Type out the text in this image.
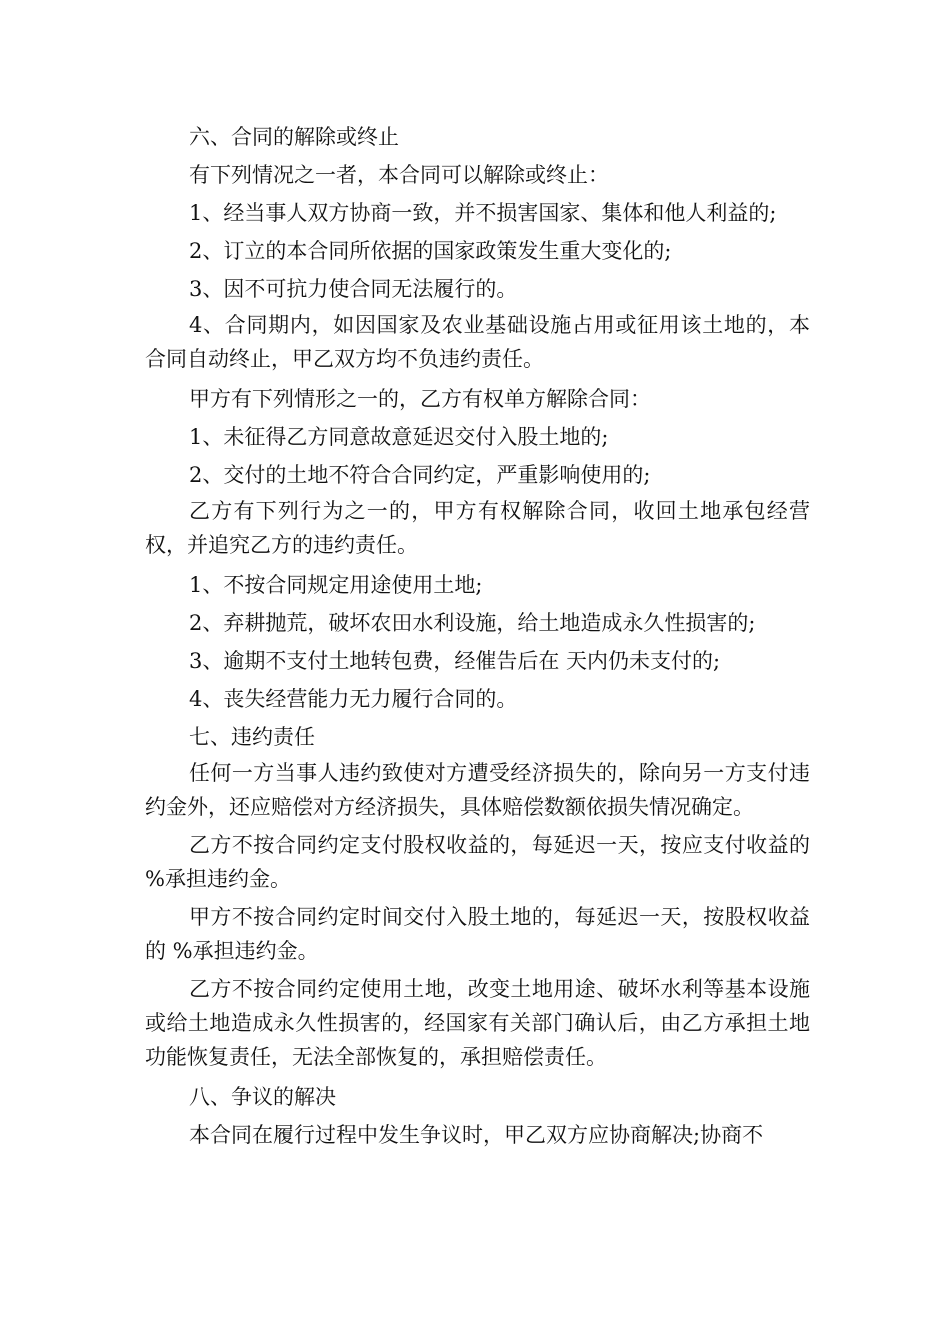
六、合同的解除或终止

有下列情况之一者，本合同可以解除或终止：

1、经当事人双方协商一致，并不损害国家、集体和他人利益的;

2、订立的本合同所依据的国家政策发生重大变化的;

3、因不可抗力使合同无法履行的。

4、合同期内，如因国家及农业基础设施占用或征用该土地的，本合同自动终止，甲乙双方均不负违约责任。

甲方有下列情形之一的，乙方有权单方解除合同：

1、未征得乙方同意故意延迟交付入股土地的;

2、交付的土地不符合合同约定，严重影响使用的;

乙方有下列行为之一的，甲方有权解除合同，收回土地承包经营权，并追究乙方的违约责任。

1、不按合同规定用途使用土地;

2、弃耕抛荒，破坏农田水利设施，给土地造成永久性损害的;

3、逾期不支付土地转包费，经催告后在 天内仍未支付的;

4、丧失经营能力无力履行合同的。

七、违约责任

任何一方当事人违约致使对方遭受经济损失的，除向另一方支付违约金外，还应赔偿对方经济损失，具体赔偿数额依损失情况确定。

乙方不按合同约定支付股权收益的，每延迟一天，按应支付收益的 %承担违约金。

甲方不按合同约定时间交付入股土地的，每延迟一天，按股权收益的 %承担违约金。

乙方不按合同约定使用土地，改变土地用途、破坏水利等基本设施或给土地造成永久性损害的，经国家有关部门确认后，由乙方承担土地功能恢复责任，无法全部恢复的，承担赔偿责任。

八、争议的解决

本合同在履行过程中发生争议时，甲乙双方应协商解决;协商不
